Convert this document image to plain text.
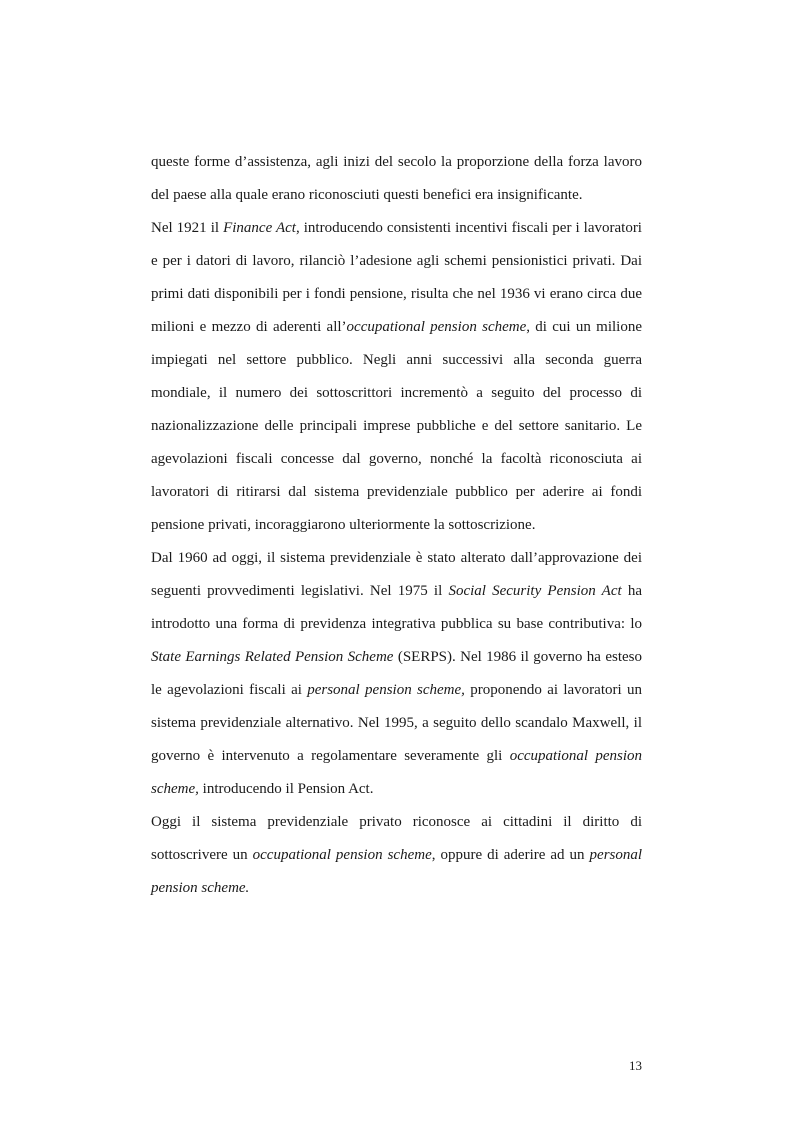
queste forme d’assistenza, agli inizi del secolo la proporzione della forza lavoro del paese alla quale erano riconosciuti questi benefici era insignificante.

Nel 1921 il Finance Act, introducendo consistenti incentivi fiscali per i lavoratori e per i datori di lavoro, rilanciò l’adesione agli schemi pensionistici privati. Dai primi dati disponibili per i fondi pensione, risulta che nel 1936 vi erano circa due milioni e mezzo di aderenti all’occupational pension scheme, di cui un milione impiegati nel settore pubblico. Negli anni successivi alla seconda guerra mondiale, il numero dei sottoscrittori incrementò a seguito del processo di nazionalizzazione delle principali imprese pubbliche e del settore sanitario. Le agevolazioni fiscali concesse dal governo, nonché la facoltà riconosciuta ai lavoratori di ritirarsi dal sistema previdenziale pubblico per aderire ai fondi pensione privati, incoraggiarono ulteriormente la sottoscrizione.

Dal 1960 ad oggi, il sistema previdenziale è stato alterato dall’approvazione dei seguenti provvedimenti legislativi. Nel 1975 il Social Security Pension Act ha introdotto una forma di previdenza integrativa pubblica su base contributiva: lo State Earnings Related Pension Scheme (SERPS). Nel 1986 il governo ha esteso le agevolazioni fiscali ai personal pension scheme, proponendo ai lavoratori un sistema previdenziale alternativo. Nel 1995, a seguito dello scandalo Maxwell, il governo è intervenuto a regolamentare severamente gli occupational pension scheme, introducendo il Pension Act.

Oggi il sistema previdenziale privato riconosce ai cittadini il diritto di sottoscrivere un occupational pension scheme, oppure di aderire ad un personal pension scheme.

13
